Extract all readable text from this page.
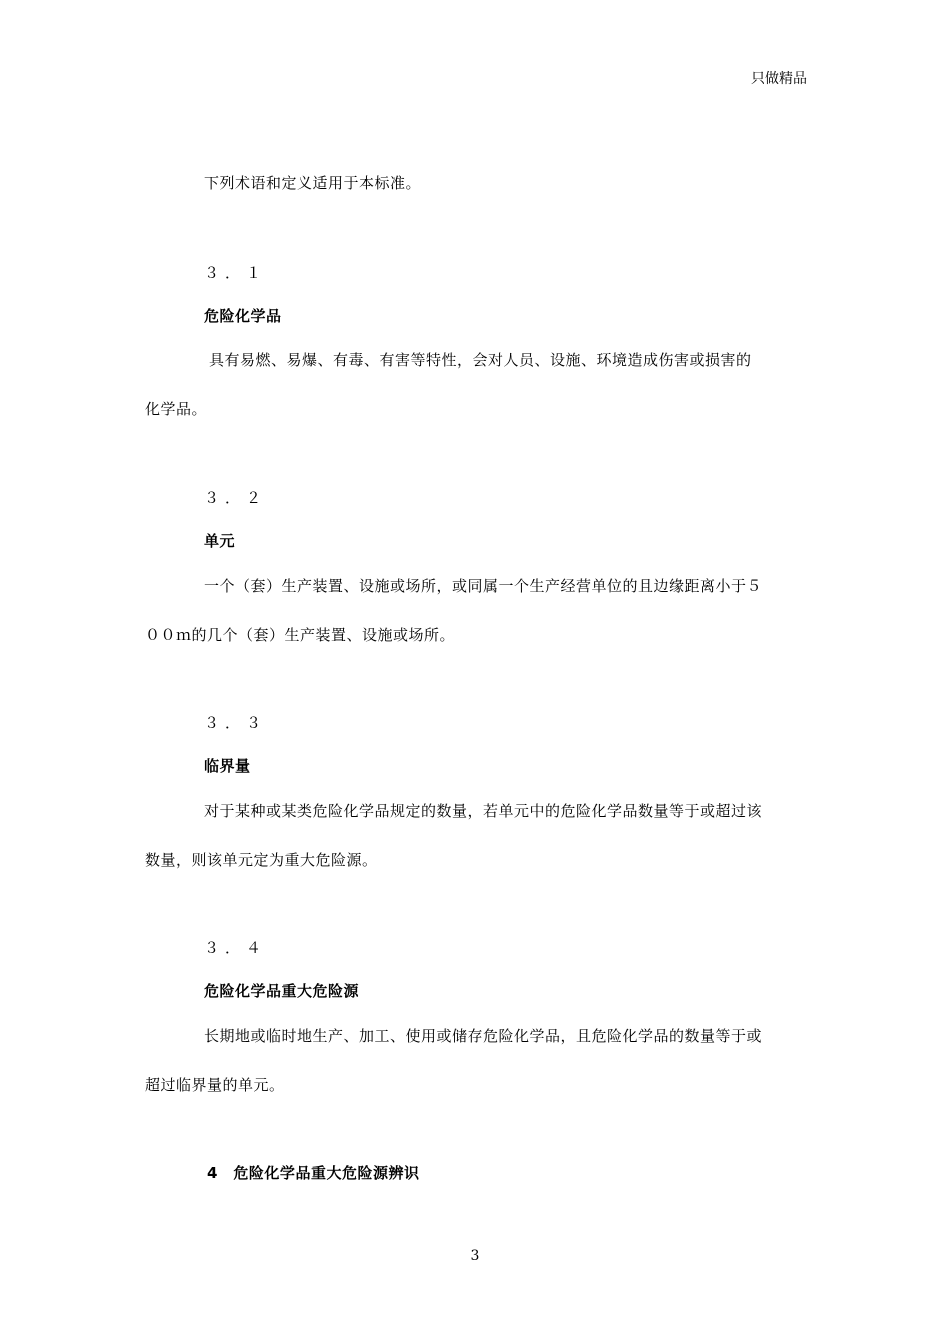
只做精品
下列术语和定义适用于本标准。
３．１
危险化学品
具有易燃、易爆、有毒、有害等特性，会对人员、设施、环境造成伤害或损害的
化学品。
３．２
单元
一个（套）生产装置、设施或场所，或同属一个生产经营单位的且边缘距离小于５
００ｍ的几个（套）生产装置、设施或场所。
３．３
临界量
对于某种或某类危险化学品规定的数量，若单元中的危险化学品数量等于或超过该
数量，则该单元定为重大危险源。
３．４
危险化学品重大危险源
长期地或临时地生产、加工、使用或储存危险化学品，且危险化学品的数量等于或
超过临界量的单元。
4　危险化学品重大危险源辨识
3
